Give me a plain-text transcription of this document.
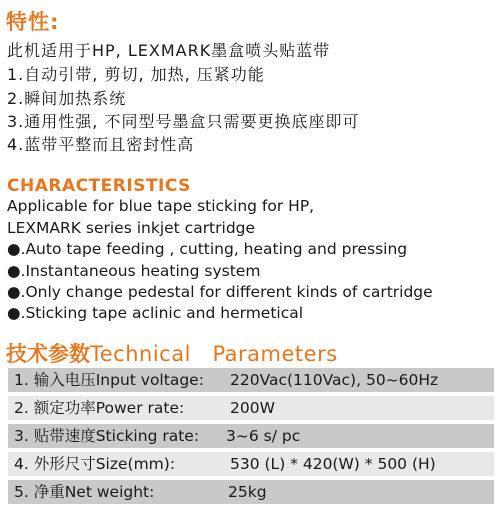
特性:
此机适用于HP, LEXMARK墨盒喷头贴蓝带
1.自动引带, 剪切, 加热, 压紧功能
2.瞬间加热系统
3.通用性强, 不同型号墨盒只需要更换底座即可
4.蓝带平整而且密封性高
CHARACTERISTICS
Applicable for blue tape sticking for HP,
LEXMARK series inkjet cartridge
●.Auto tape feeding , cutting, heating and pressing
●.Instantaneous heating system
●.Only change pedestal for different kinds of cartridge
●.Sticking tape aclinic and hermetical
技术参数Technical   Parameters
1. 输入电压Input voltage: 220Vac(110Vac), 50~60Hz
2. 额定功率Power rate:	200W
3. 贴带速度Sticking rate: 3~6 s/ pc
4. 外形尺寸Size(mm):	530 (L) * 420(W) * 500 (H)
5. 净重Net weight:	25kg
